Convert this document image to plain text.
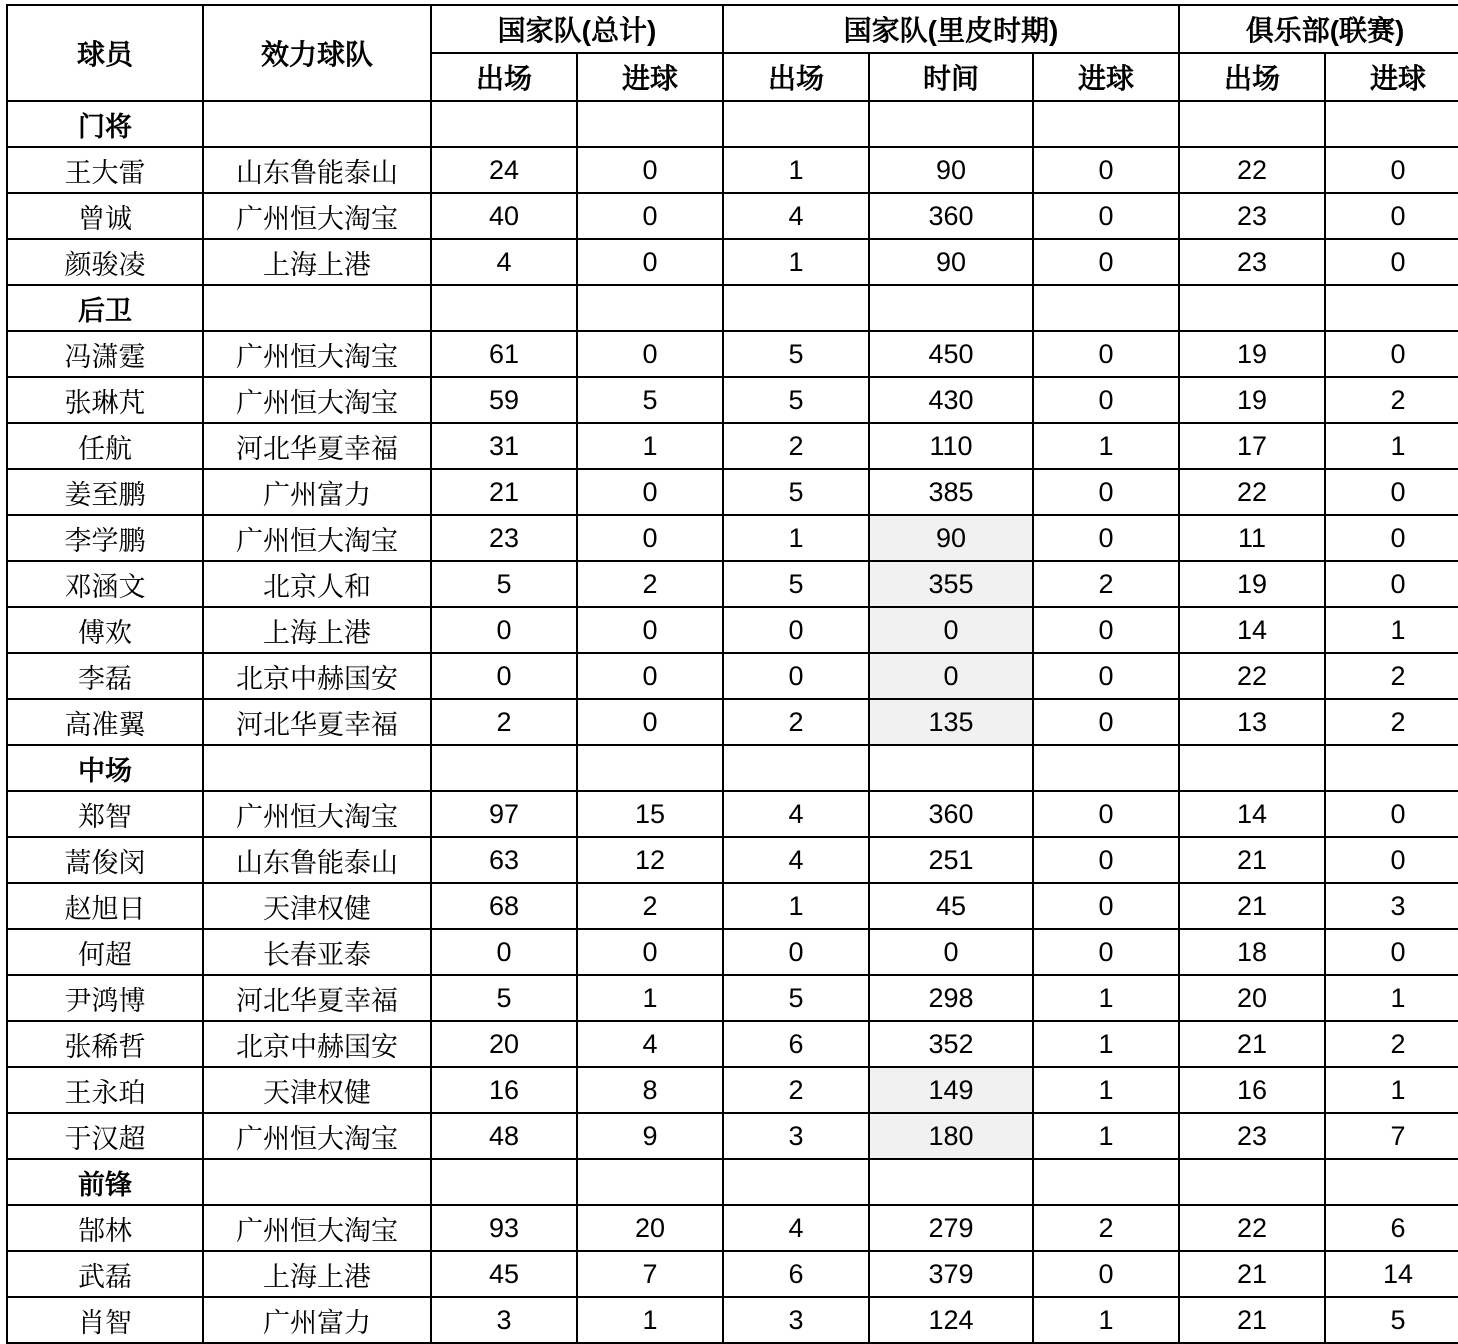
球员	效力球队	国家队(总计)		国家队(里皮时期)			俱乐部(联赛)	
		出场	进球	出场	时间	进球	出场	进球
门将								
王大雷	山东鲁能泰山	24	0	1	90	0	22	0
曾诚	广州恒大淘宝	40	0	4	360	0	23	0
颜骏凌	上海上港	4	0	1	90	0	23	0
后卫								
冯潇霆	广州恒大淘宝	61	0	5	450	0	19	0
张琳芃	广州恒大淘宝	59	5	5	430	0	19	2
任航	河北华夏幸福	31	1	2	110	1	17	1
姜至鹏	广州富力	21	0	5	385	0	22	0
李学鹏	广州恒大淘宝	23	0	1	90	0	11	0
邓涵文	北京人和	5	2	5	355	2	19	0
傅欢	上海上港	0	0	0	0	0	14	1
李磊	北京中赫国安	0	0	0	0	0	22	2
高准翼	河北华夏幸福	2	0	2	135	0	13	2
中场								
郑智	广州恒大淘宝	97	15	4	360	0	14	0
蒿俊闵	山东鲁能泰山	63	12	4	251	0	21	0
赵旭日	天津权健	68	2	1	45	0	21	3
何超	长春亚泰	0	0	0	0	0	18	0
尹鸿博	河北华夏幸福	5	1	5	298	1	20	1
张稀哲	北京中赫国安	20	4	6	352	1	21	2
王永珀	天津权健	16	8	2	149	1	16	1
于汉超	广州恒大淘宝	48	9	3	180	1	23	7
前锋								
郜林	广州恒大淘宝	93	20	4	279	2	22	6
武磊	上海上港	45	7	6	379	0	21	14
肖智	广州富力	3	1	3	124	1	21	5
